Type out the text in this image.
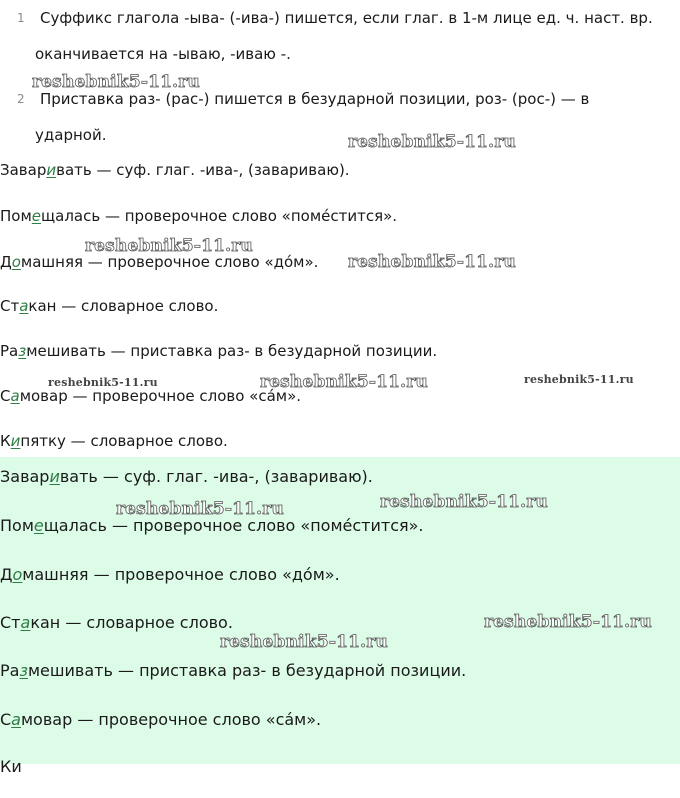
1 Суффикс глагола -ыва- (-ива-) пишется, если глаг. в 1-м лице ед. ч. наст. вр.
оканчивается на -ываю, -иваю -.
2 Приставка раз- (рас-) пишется в безударной позиции, роз- (рос-) — в
ударной.
Заваривать — суф. глаг. -ива-, (завариваю).
Помещалась — проверочное слово «поме́стится».
Домашняя — проверочное слово «до́м».
Стакан — словарное слово.
Размешивать — приставка раз- в безударной позиции.
Самовар — проверочное слово «са́м».
Кипятку — словарное слово.
Заваривать — суф. глаг. -ива-, (завариваю).
Помещалась — проверочное слово «поме́стится».
Домашняя — проверочное слово «до́м».
Стакан — словарное слово.
Размешивать — приставка раз- в безударной позиции.
Самовар — проверочное слово «са́м».
Ки
reshebnik5-11.ru
reshebnik5-11.ru
reshebnik5-11.ru
reshebnik5-11.ru
reshebnik5-11.ru	reshebnik5-11.ru	reshebnik5-11.ru
reshebnik5-11.ru
reshebnik5-11.ru
reshebnik5-11.ru
reshebnik5-11.ru
